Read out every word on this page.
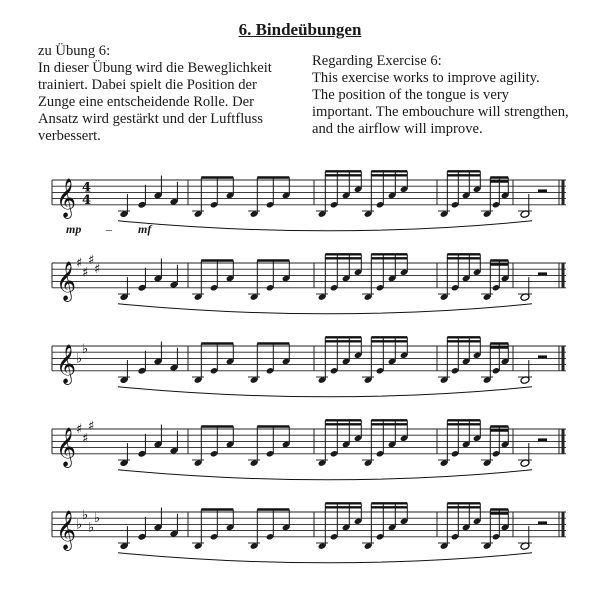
6. Bindeübungen

zu Übung 6:

In dieser Übung wird die Beweglichkeit

trainiert. Dabei spielt die Position der

Zunge eine entscheidende Rolle. Der

Ansatz wird gestärkt und der Luftfluss

verbessert.

Regarding Exercise 6:

This exercise works to improve agility.

The position of the tongue is very

important. The embouchure will strengthen,

and the airflow will improve.

𝄞 4
4
𝄞 ♯
♯
♯
♯
𝄞 ♭
♭
𝄞 ♯
♯
♯
𝄞 ♭
♭
♭
♭
mp – mf
